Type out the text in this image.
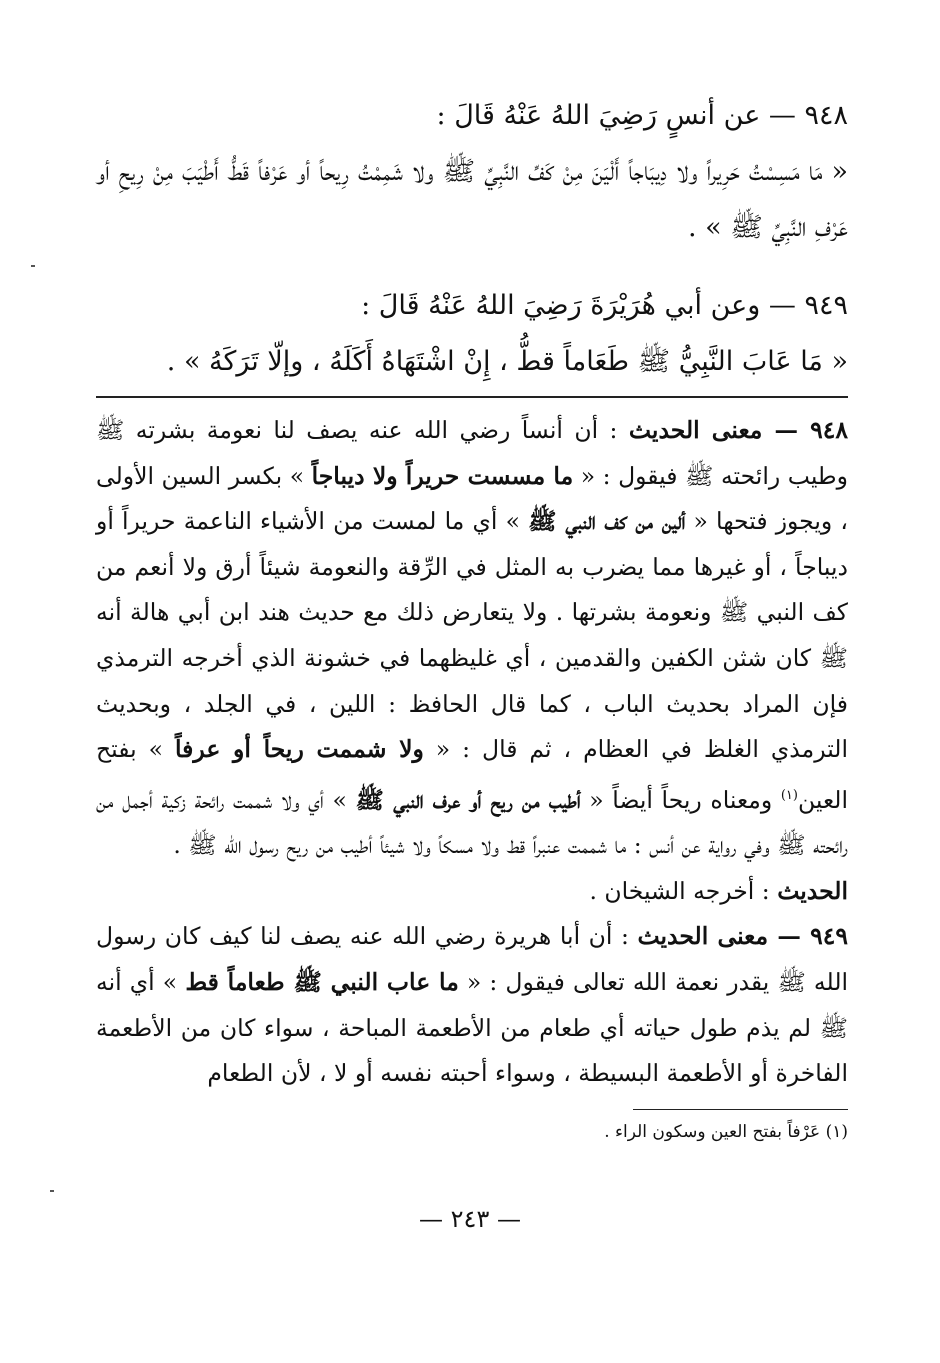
٩٤٨ — عن أنسٍ رَضِيَ اللهُ عَنْهُ قَالَ :

« مَا مَسِسْتُ حَرِيراً ولا دِيبَاجاً أَلْيَنَ مِنْ كَفِّ النَّبِيِّ ﷺ ولا شَمِمْتُ رِيحاً أو عَرْفاً قَطُّ أَطْيَبَ مِنْ رِيحِ أو عَرْفِ النَّبِيِّ ﷺ » .

٩٤٩ — وعن أبي هُرَيْرَةَ رَضِيَ اللهُ عَنْهُ قَالَ :

« مَا عَابَ النَّبِيُّ ﷺ طَعَاماً قطُّ ، إِنْ اشْتَهَاهُ أَكَلَهُ ، وإلّا تَرَكَهُ » .

٩٤٨ — معنى الحديث : أن أنساً رضي الله عنه يصف لنا نعومة بشرته ﷺ وطيب رائحته ﷺ فيقول : « ما مسست حريراً ولا ديباجاً » بكسر السين الأولى ، ويجوز فتحها « ألين من كف النبي ﷺ » أي ما لمست من الأشياء الناعمة حريراً أو ديباجاً ، أو غيرها مما يضرب به المثل في الرِّقة والنعومة شيئاً أرق ولا أنعم من كف النبي ﷺ ونعومة بشرتها . ولا يتعارض ذلك مع حديث هند ابن أبي هالة أنه ﷺ كان شثن الكفين والقدمين ، أي غليظهما في خشونة الذي أخرجه الترمذي فإن المراد بحديث الباب ، كما قال الحافظ : اللين ، في الجلد ، وبحديث الترمذي الغلظ في العظام ، ثم قال : « ولا شممت ريحاً أو عرفاً » بفتح العين$^{(١)}$ ومعناه ريحاً أيضاً « أطيب من ريح أو عرف النبي ﷺ » أي ولا شممت رائحة زكية أجمل من رائحته ﷺ وفي رواية عن أنس : ما شممت عنبراً قط ولا مسكاً ولا شيئاً أطيب من ريح رسول الله ﷺ .

الحديث : أخرجه الشيخان .

٩٤٩ — معنى الحديث : أن أبا هريرة رضي الله عنه يصف لنا كيف كان رسول الله ﷺ يقدر نعمة الله تعالى فيقول : « ما عاب النبي ﷺ طعاماً قط » أي أنه ﷺ لم يذم طول حياته أي طعام من الأطعمة المباحة ، سواء كان من الأطعمة الفاخرة أو الأطعمة البسيطة ، وسواء أحبته نفسه أو لا ، لأن الطعام

(١) عَرْفاً بفتح العين وسكون الراء .

— ٢٤٣ —
